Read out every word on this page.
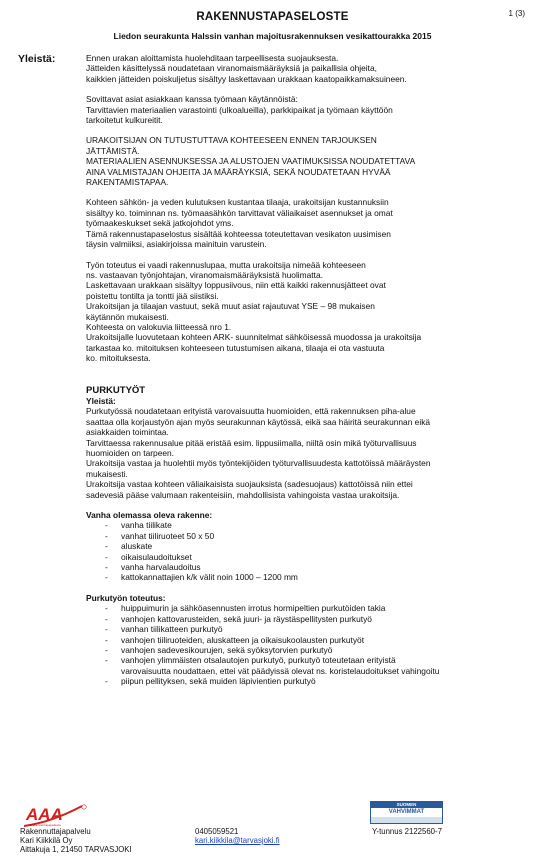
1 (3)
RAKENNUSTAPASELOSTE
Liedon seurakunta Halssin vanhan majoitusrakennuksen vesikattourakka 2015
Yleistä:	Ennen urakan aloittamista huolehditaan tarpeellisesta suojauksesta.
Jätteiden käsittelyssä noudatetaan viranomaismääräyksiä ja paikallisia ohjeita,
kaikkien jätteiden poiskuljetus sisältyy laskettavaan urakkaan kaatopaikkamaksuineen.

Sovittavat asiat asiakkaan kanssa työmaan käytännöistä:
Tarvittavien materiaalien varastointi (ulkoalueilla), parkkipaikat ja työmaan käyttöön
tarkoitetut kulkureitit.

URAKOITSIJAN ON TUTUSTUTTAVA KOHTEESEEN ENNEN TARJOUKSEN
JÄTTÄMISTÄ.
MATERIAALIEN ASENNUKSESSA JA ALUSTOJEN VAATIMUKSISSA NOUDATETTAVA
AINA VALMISTAJAN OHJEITA JA MÄÄRÄYKSIÄ, SEKÄ NOUDATETAAN HYVÄÄ
RAKENTAMISTAPAA.

Kohteen sähkön- ja veden kulutuksen kustantaa tilaaja, urakoitsijan kustannuksiin
sisältyy ko. toiminnan ns. työmaasähkön tarvittavat väliaikaiset asennukset ja omat
työmaakeskukset sekä jatkojohdot yms.
Tämä rakennustapaselostus sisältää kohteessa toteutettavan vesikaton uusimisen
täysin valmiiksi, asiakirjoissa mainituin varustein.

Työn toteutus ei vaadi rakennuslupaa, mutta urakoitsija nimeää kohteeseen
ns. vastaavan työnjohtajan, viranomaismääräyksistä huolimatta.
Laskettavaan urakkaan sisältyy loppusiivous, niin että kaikki rakennusjätteet ovat
poistettu tontilta ja tontti jää siistiksi.
Urakoitsijan ja tilaajan vastuut, sekä muut asiat rajautuvat YSE – 98 mukaisen
käytännön mukaisesti.
Kohteesta on valokuvia liitteessä nro 1.
Urakoitsijalle luovutetaan kohteen ARK- suunnitelmat sähköisessä muodossa ja urakoitsija
tarkastaa ko. mitoituksen kohteeseen tutustumisen aikana, tilaaja ei ota vastuuta
ko. mitoituksesta.

PURKUTYÖT

Yleistä:

Purkutyössä noudatetaan erityistä varovaisuutta huomioiden, että rakennuksen piha-alue
saattaa olla korjaustyön ajan myös seurakunnan käytössä, eikä saa häiritä seurakunnan eikä
asiakkaiden toimintaa.
Tarvittaessa rakennusalue pitää eristää esim. lippusiimalla, niiltä osin mikä työturvallisuus
huomioiden on tarpeen.
Urakoitsija vastaa ja huolehtii myös työntekijöiden työturvallisuudesta kattotöissä määräysten
mukaisesti.
Urakoitsija vastaa kohteen väliaikaisista suojauksista (sadesuojaus) kattotöissä niin ettei
sadevesiä pääse valumaan rakenteisiin, mahdollisista vahingoista vastaa urakoitsija.

Vanha olemassa oleva rakenne:

- vanha tiilikate
- vanhat tiiliruoteet 50 x 50
- aluskate
- oikaisulaudoitukset
- vanha harvalaudoitus
- kattokannattajien k/k välit noin 1000 – 1200 mm

Purkutyön toteutus:

- huippuimurin ja sähköasennusten irrotus hormipeltien purkutöiden takia
- vanhojen kattovarusteiden, sekä juuri- ja räystäspellitysten purkutyö
- vanhan tiilikatteen purkutyö
- vanhojen tiiliruoteiden, aluskatteen ja oikaisukoolausten purkutyöt
- vanhojen sadevesikourujen, sekä syöksytorvien purkutyö
- vanhojen ylimmäisten otsalautojen purkutyö, purkutyö toteutetaan erityistä
varovaisuutta noudattaen, ettei vät päädyissä olevat ns. koristelaudoitukset vahingoitu
- piipun pellityksen, sekä muiden läpivientien purkutyö
AAA
Rakennuttajapalvelu
SUOMEN
VAHVIMMAT
Rakennuttajapalvelu
Kari Kiikkilä Oy
Aittakuja 1, 21450 TARVASJOKI
0405059521
kari.kiikkila@tarvasjoki.fi
Y-tunnus 2122560-7
